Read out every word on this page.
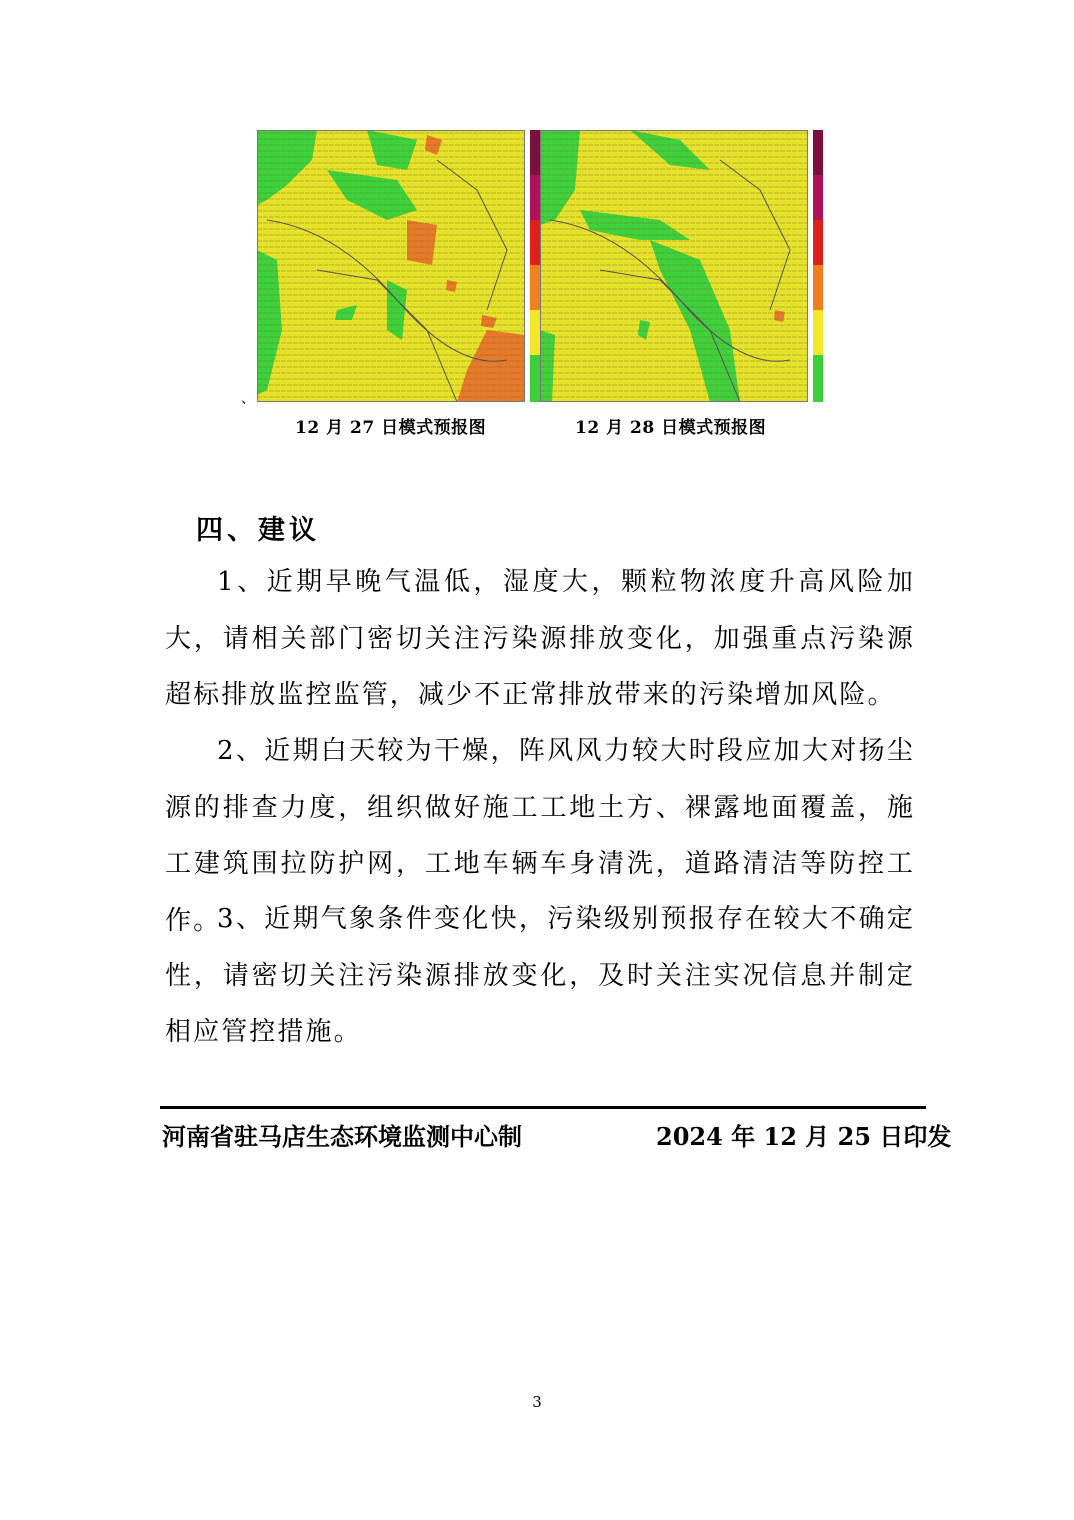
、
12 月 27 日模式预报图	12 月 28 日模式预报图
四、建议

1、近期早晚气温低，湿度大，颗粒物浓度升高风险加大，请相关部门密切关注污染源排放变化，加强重点污染源超标排放监控监管，减少不正常排放带来的污染增加风险。

2、近期白天较为干燥，阵风风力较大时段应加大对扬尘源的排查力度，组织做好施工工地土方、裸露地面覆盖，施工建筑围拉防护网，工地车辆车身清洗，道路清洁等防控工作。

3、近期气象条件变化快，污染级别预报存在较大不确定性，请密切关注污染源排放变化，及时关注实况信息并制定相应管控措施。

河南省驻马店生态环境监测中心制	2024 年 12 月 25 日印发
3
